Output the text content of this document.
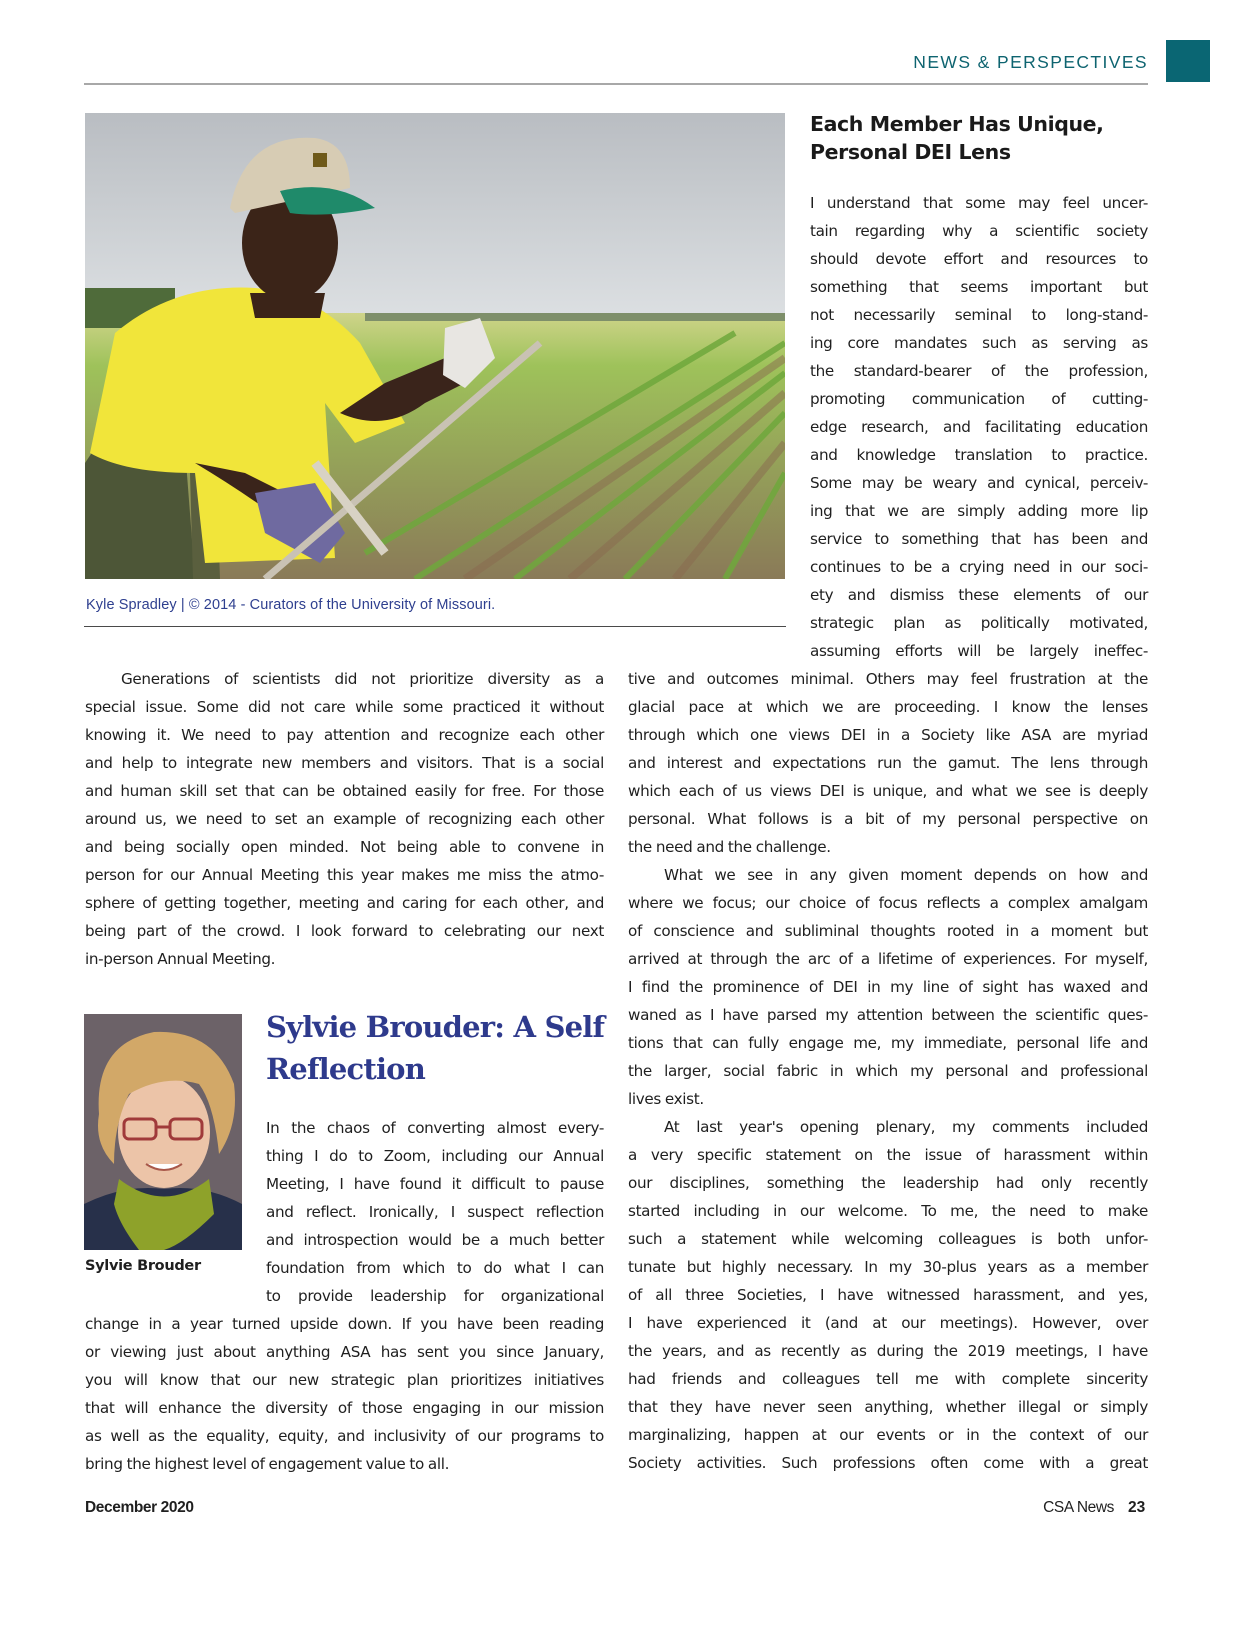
NEWS & PERSPECTIVES
Kyle Spradley | © 2014 - Curators of the University of Missouri.
Each Member Has Unique,
Personal DEI Lens
I understand that some may feel uncer-
tain regarding why a scientific society
should devote effort and resources to
something that seems important but
not necessarily seminal to long-stand-
ing core mandates such as serving as
the standard-bearer of the profession,
promoting communication of cutting-
edge research, and facilitating education
and knowledge translation to practice.
Some may be weary and cynical, perceiv-
ing that we are simply adding more lip
service to something that has been and
continues to be a crying need in our soci-
ety and dismiss these elements of our
strategic plan as politically motivated,
assuming efforts will be largely ineffec-
tive and outcomes minimal. Others may feel frustration at the
glacial pace at which we are proceeding. I know the lenses
through which one views DEI in a Society like ASA are myriad
and interest and expectations run the gamut. The lens through
which each of us views DEI is unique, and what we see is deeply
personal. What follows is a bit of my personal perspective on
the need and the challenge.
What we see in any given moment depends on how and
where we focus; our choice of focus reflects a complex amalgam
of conscience and subliminal thoughts rooted in a moment but
arrived at through the arc of a lifetime of experiences. For myself,
I find the prominence of DEI in my line of sight has waxed and
waned as I have parsed my attention between the scientific ques-
tions that can fully engage me, my immediate, personal life and
the larger, social fabric in which my personal and professional
lives exist.
At last year's opening plenary, my comments included
a very specific statement on the issue of harassment within
our disciplines, something the leadership had only recently
started including in our welcome. To me, the need to make
such a statement while welcoming colleagues is both unfor-
tunate but highly necessary. In my 30-plus years as a member
of all three Societies, I have witnessed harassment, and yes,
I have experienced it (and at our meetings). However, over
the years, and as recently as during the 2019 meetings, I have
had friends and colleagues tell me with complete sincerity
that they have never seen anything, whether illegal or simply
marginalizing, happen at our events or in the context of our
Society activities. Such professions often come with a great
Generations of scientists did not prioritize diversity as a
special issue. Some did not care while some practiced it without
knowing it. We need to pay attention and recognize each other
and help to integrate new members and visitors. That is a social
and human skill set that can be obtained easily for free. For those
around us, we need to set an example of recognizing each other
and being socially open minded. Not being able to convene in
person for our Annual Meeting this year makes me miss the atmo-
sphere of getting together, meeting and caring for each other, and
being part of the crowd. I look forward to celebrating our next
in-person Annual Meeting.
Sylvie Brouder
Sylvie Brouder: A Self
Reflection
In the chaos of converting almost every-
thing I do to Zoom, including our Annual
Meeting, I have found it difficult to pause
and reflect. Ironically, I suspect reflection
and introspection would be a much better
foundation from which to do what I can
to provide leadership for organizational
change in a year turned upside down. If you have been reading
or viewing just about anything ASA has sent you since January,
you will know that our new strategic plan prioritizes initiatives
that will enhance the diversity of those engaging in our mission
as well as the equality, equity, and inclusivity of our programs to
bring the highest level of engagement value to all.
December 2020	CSA News 23
